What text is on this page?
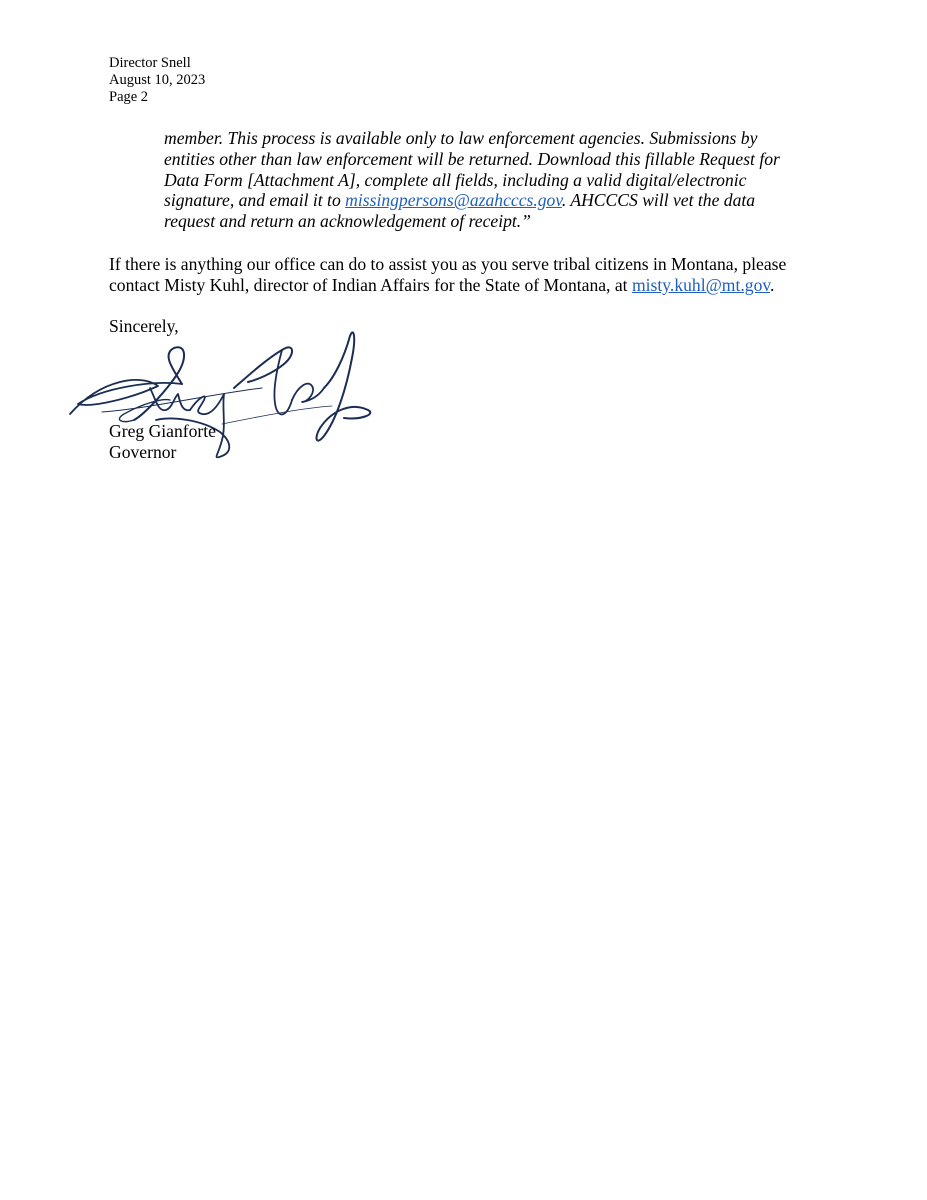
Director Snell
August 10, 2023
Page 2
member. This process is available only to law enforcement agencies. Submissions by
entities other than law enforcement will be returned. Download this fillable Request for
Data Form [Attachment A], complete all fields, including a valid digital/electronic
signature, and email it to missingpersons@azahcccs.gov. AHCCCS will vet the data
request and return an acknowledgement of receipt.”
If there is anything our office can do to assist you as you serve tribal citizens in Montana, please
contact Misty Kuhl, director of Indian Affairs for the State of Montana, at misty.kuhl@mt.gov.
Sincerely,
Greg Gianforte
Governor
